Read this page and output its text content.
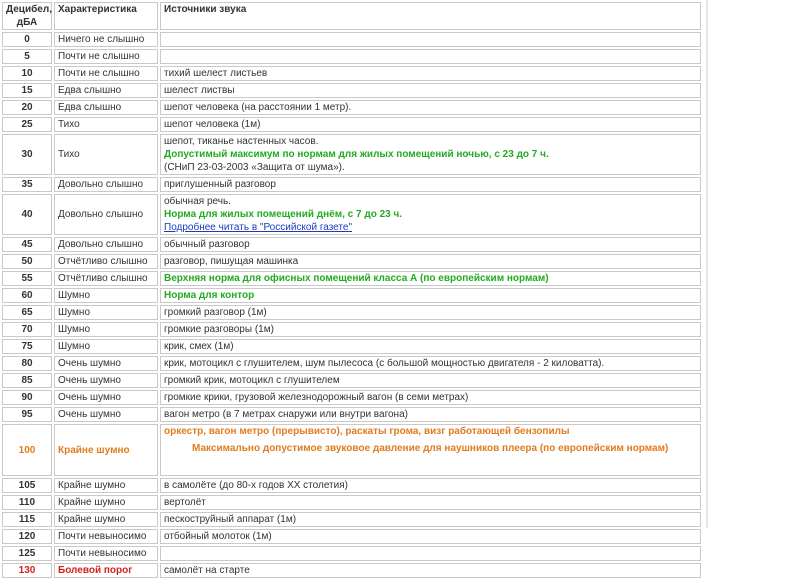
Децибел, дБА	Характеристика	Источники звука
0	Ничего не слышно	
5	Почти не слышно	
10	Почти не слышно	тихий шелест листьев
15	Едва слышно	шелест листвы
20	Едва слышно	шепот человека (на расстоянии 1 метр).
25	Тихо	шепот человека (1м)
30	Тихо	шепот, тиканье настенных часов.
Допустимый максимум по нормам для жилых помещений ночью, с 23 до 7 ч.
(СНиП 23-03-2003 «Защита от шума»).

35	Довольно слышно	приглушенный разговор
40	Довольно слышно	обычная речь.
Норма для жилых помещений днём, с 7 до 23 ч.
Подробнее читать в "Российской газете"
45	Довольно слышно	обычный разговор
50	Отчётливо слышно	разговор, пишущая машинка
55	Отчётливо слышно	Верхняя норма для офисных помещений класса А (по европейским нормам)
60	Шумно	Норма для контор
65	Шумно	громкий разговор (1м)
70	Шумно	громкие разговоры (1м)
75	Шумно	крик, смех (1м)
80	Очень шумно	крик, мотоцикл с глушителем, шум пылесоса (с большой мощностью двигателя - 2 киловатта).
85	Очень шумно	громкий крик, мотоцикл с глушителем
90	Очень шумно	громкие крики, грузовой железнодорожный вагон (в семи метрах)
95	Очень шумно	вагон метро (в 7 метрах снаружи или внутри вагона)
100	Крайне шумно	оркестр, вагон метро (прерывисто), раскаты грома, визг работающей бензопилы
Максимально допустимое звуковое давление для наушников плеера (по европейским нормам)

105	Крайне шумно	в самолёте (до 80-х годов XX столетия)
110	Крайне шумно	вертолёт
115	Крайне шумно	пескоструйный аппарат (1м)
120	Почти невыносимо	отбойный молоток (1м)
125	Почти невыносимо	
130	Болевой порог	самолёт на старте
